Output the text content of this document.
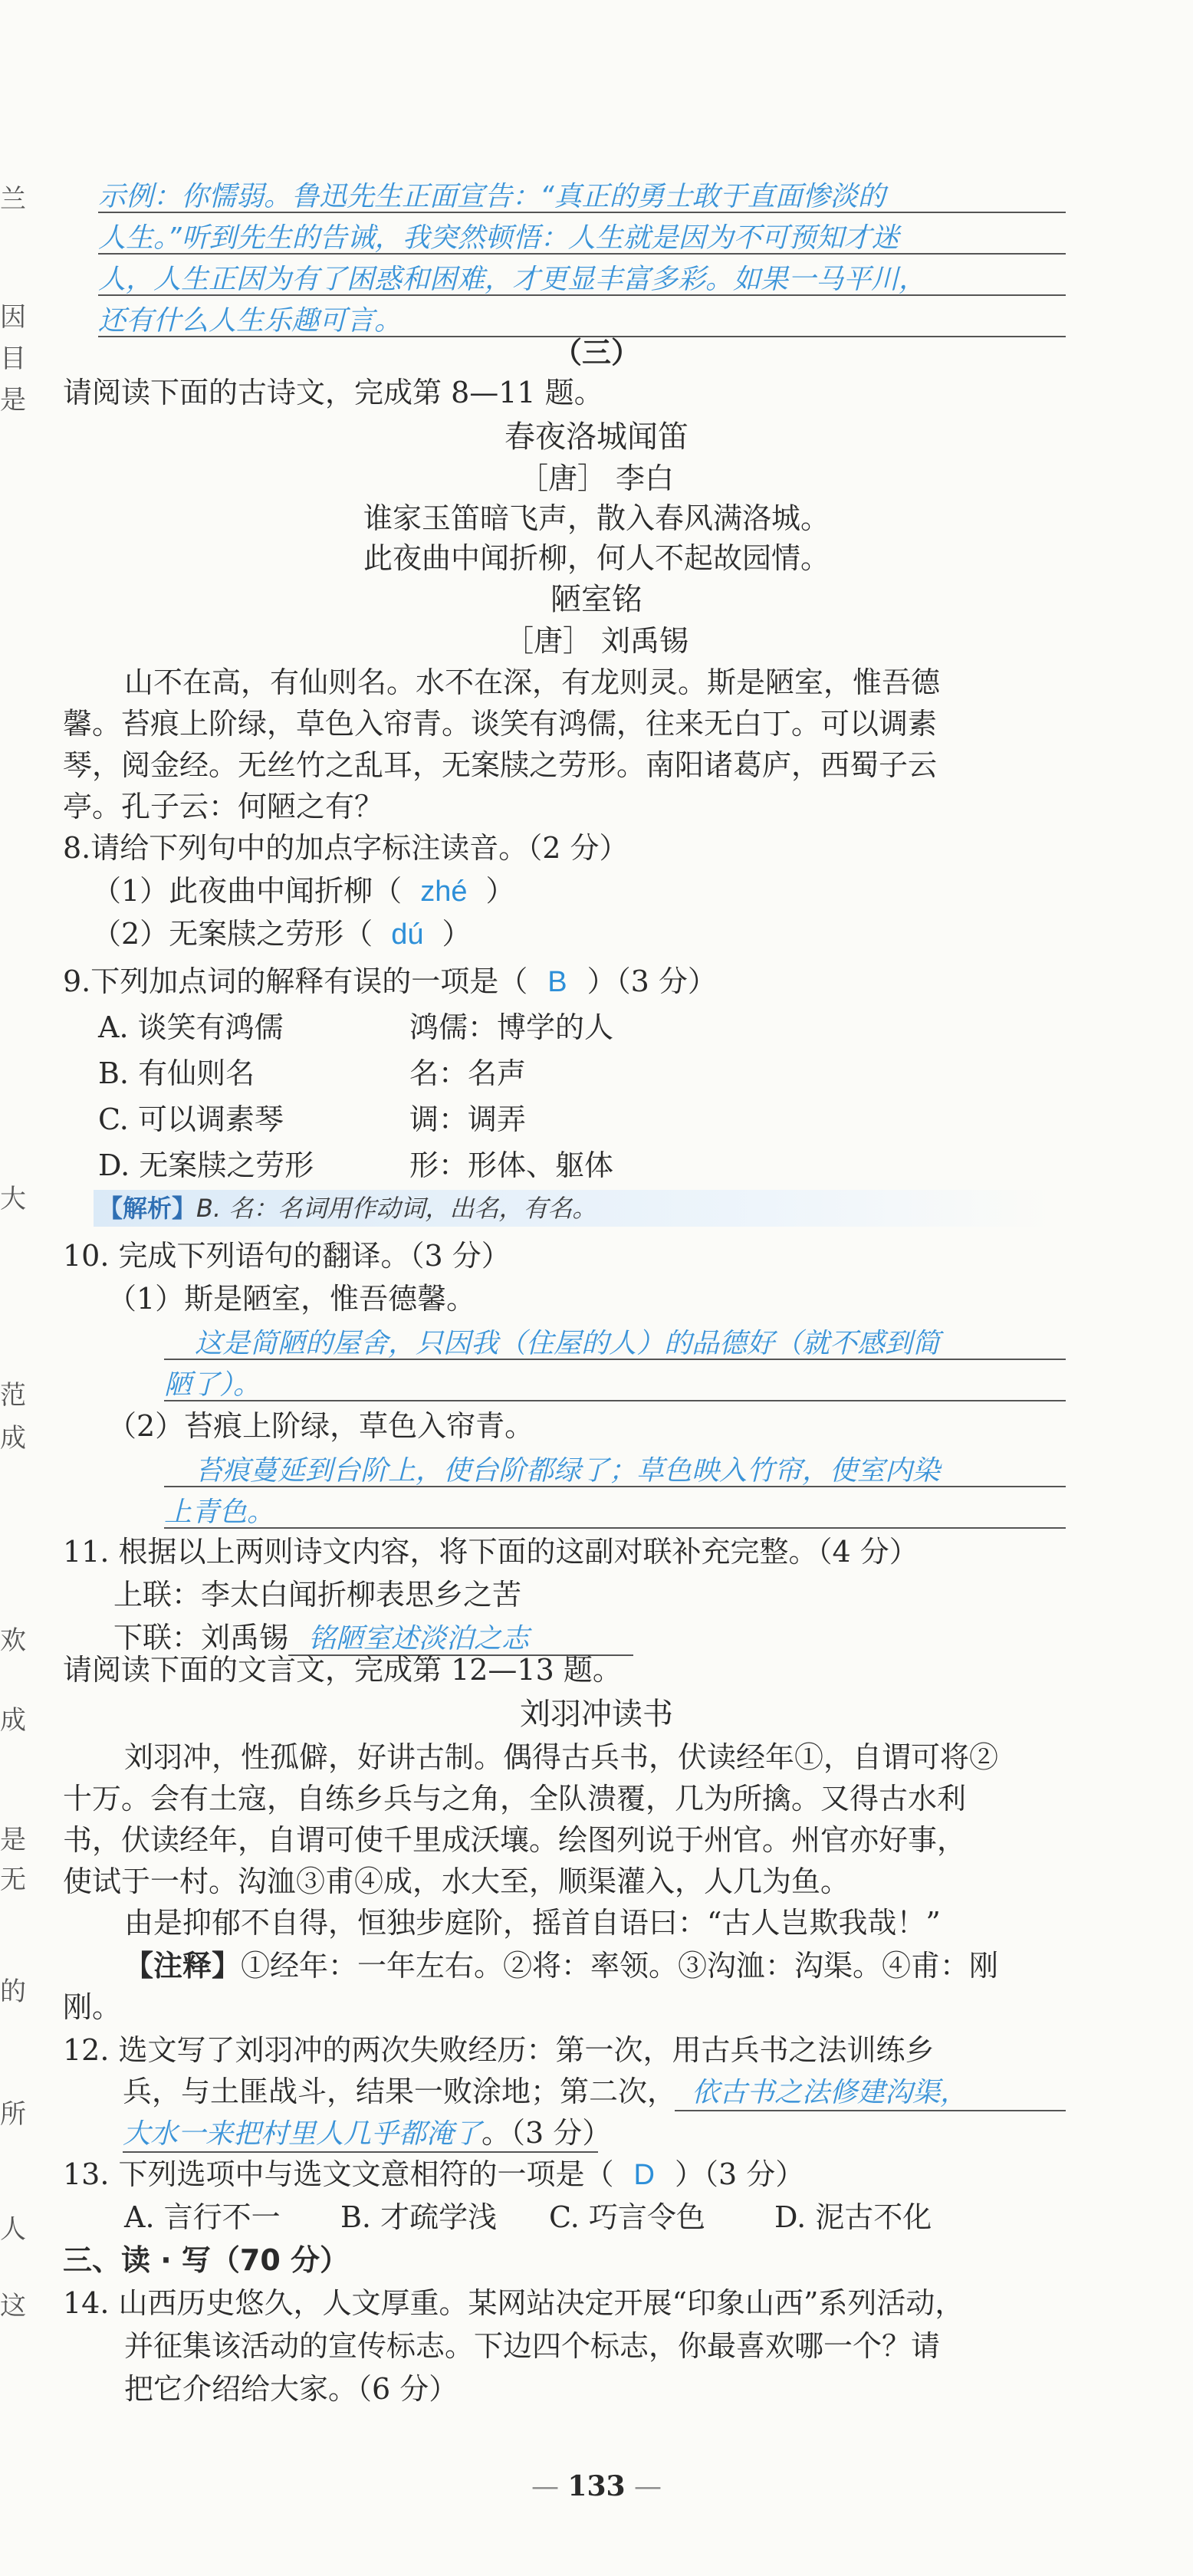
兰
因
目
是
大
范
成
欢
成
是
无
的
所
人
这
示例：你懦弱。鲁迅先生正面宣告：“真正的勇士敢于直面惨淡的
人生。”听到先生的告诫，我突然顿悟：人生就是因为不可预知才迷
人，人生正因为有了困惑和困难，才更显丰富多彩。如果一马平川，
还有什么人生乐趣可言。
（三）
请阅读下面的古诗文，完成第 8—11 题。
春夜洛城闻笛
［唐］ 李白
谁家玉笛暗飞声，散入春风满洛城。
此夜曲中闻折柳，何人不起故园情。
陋室铭
［唐］ 刘禹锡
山不在高，有仙则名。水不在深，有龙则灵。斯是陋室，惟吾德
馨。苔痕上阶绿，草色入帘青。谈笑有鸿儒，往来无白丁。可以调素
琴，阅金经。无丝竹之乱耳，无案牍之劳形。南阳诸葛庐，西蜀子云
亭。孔子云：何陋之有？
8.请给下列句中的加点字标注读音。（2 分）
（1）此夜曲中闻折柳（ zhé ）
（2）无案牍之劳形（ dú ）
9.下列加点词的解释有误的一项是（ B ）（3 分）
A. 谈笑有鸿儒	鸿儒：博学的人
B. 有仙则名	名：名声
C. 可以调素琴	调：调弄
D. 无案牍之劳形	形：形体、躯体
【解析】B. 名：名词用作动词，出名，有名。
10. 完成下列语句的翻译。（3 分）
（1）斯是陋室，惟吾德馨。
这是简陋的屋舍，只因我（住屋的人）的品德好（就不感到简
陋了）。
（2）苔痕上阶绿，草色入帘青。
苔痕蔓延到台阶上，使台阶都绿了；草色映入竹帘，使室内染
上青色。
11. 根据以上两则诗文内容，将下面的这副对联补充完整。（4 分）
上联：李太白闻折柳表思乡之苦
下联：刘禹锡 铭陋室述淡泊之志
请阅读下面的文言文，完成第 12—13 题。
刘羽冲读书
刘羽冲，性孤僻，好讲古制。偶得古兵书，伏读经年①，自谓可将②
十万。会有土寇，自练乡兵与之角，全队溃覆，几为所擒。又得古水利
书，伏读经年，自谓可使千里成沃壤。绘图列说于州官。州官亦好事，
使试于一村。沟洫③甫④成，水大至，顺渠灌入，人几为鱼。
由是抑郁不自得，恒独步庭阶，摇首自语曰：“古人岂欺我哉！”
【注释】①经年：一年左右。②将：率领。③沟洫：沟渠。④甫：刚
刚。
12. 选文写了刘羽冲的两次失败经历：第一次，用古兵书之法训练乡
兵，与土匪战斗，结果一败涂地；第二次， 依古书之法修建沟渠，
大水一来把村里人几乎都淹了。（3 分）
13. 下列选项中与选文文意相符的一项是（ D ）（3 分）
A. 言行不一 B. 才疏学浅 C. 巧言令色 D. 泥古不化
三、读 · 写（70 分）
14. 山西历史悠久，人文厚重。某网站决定开展“印象山西”系列活动，
并征集该活动的宣传标志。下边四个标志，你最喜欢哪一个？请
把它介绍给大家。（6 分）
— 133 —
